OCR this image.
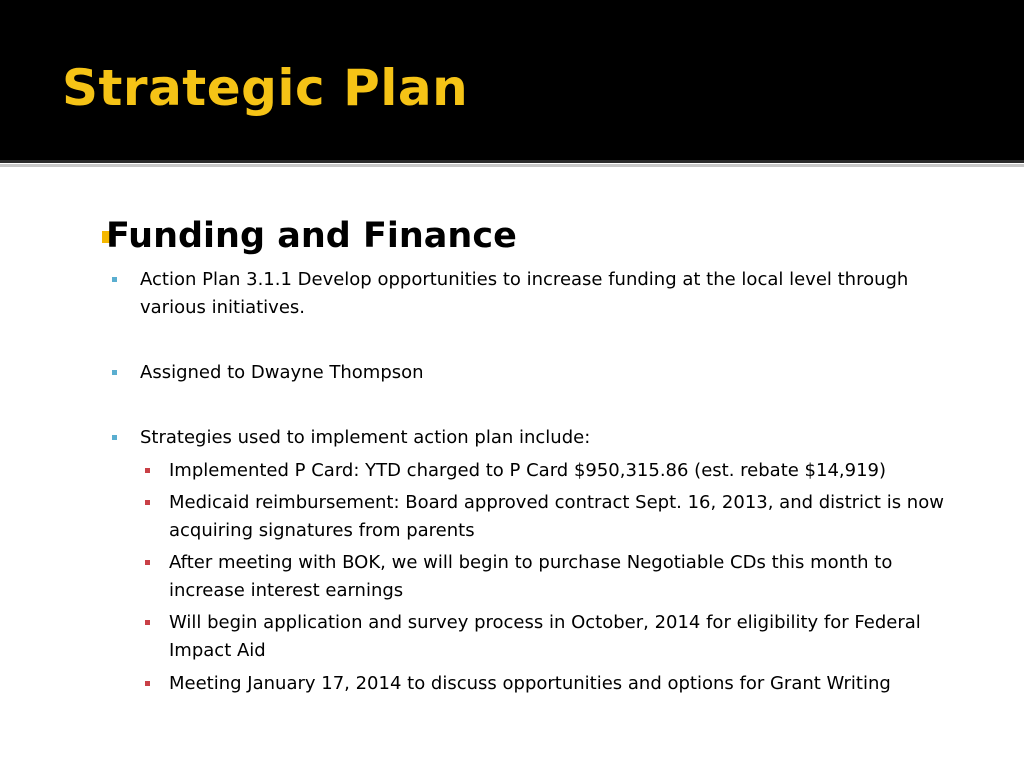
Strategic Plan
Funding and Finance
Action Plan 3.1.1 Develop opportunities to increase funding at the local level through various initiatives.
Assigned to Dwayne Thompson
Strategies used to implement action plan include:
Implemented P Card: YTD charged to P Card $950,315.86 (est. rebate $14,919)
Medicaid reimbursement: Board approved contract Sept. 16, 2013, and district is now acquiring signatures from parents
After meeting with BOK, we will begin to purchase Negotiable CDs this month to increase interest earnings
Will begin application and survey process in October, 2014 for eligibility for Federal Impact Aid
Meeting January 17, 2014 to discuss opportunities and options for Grant Writing
